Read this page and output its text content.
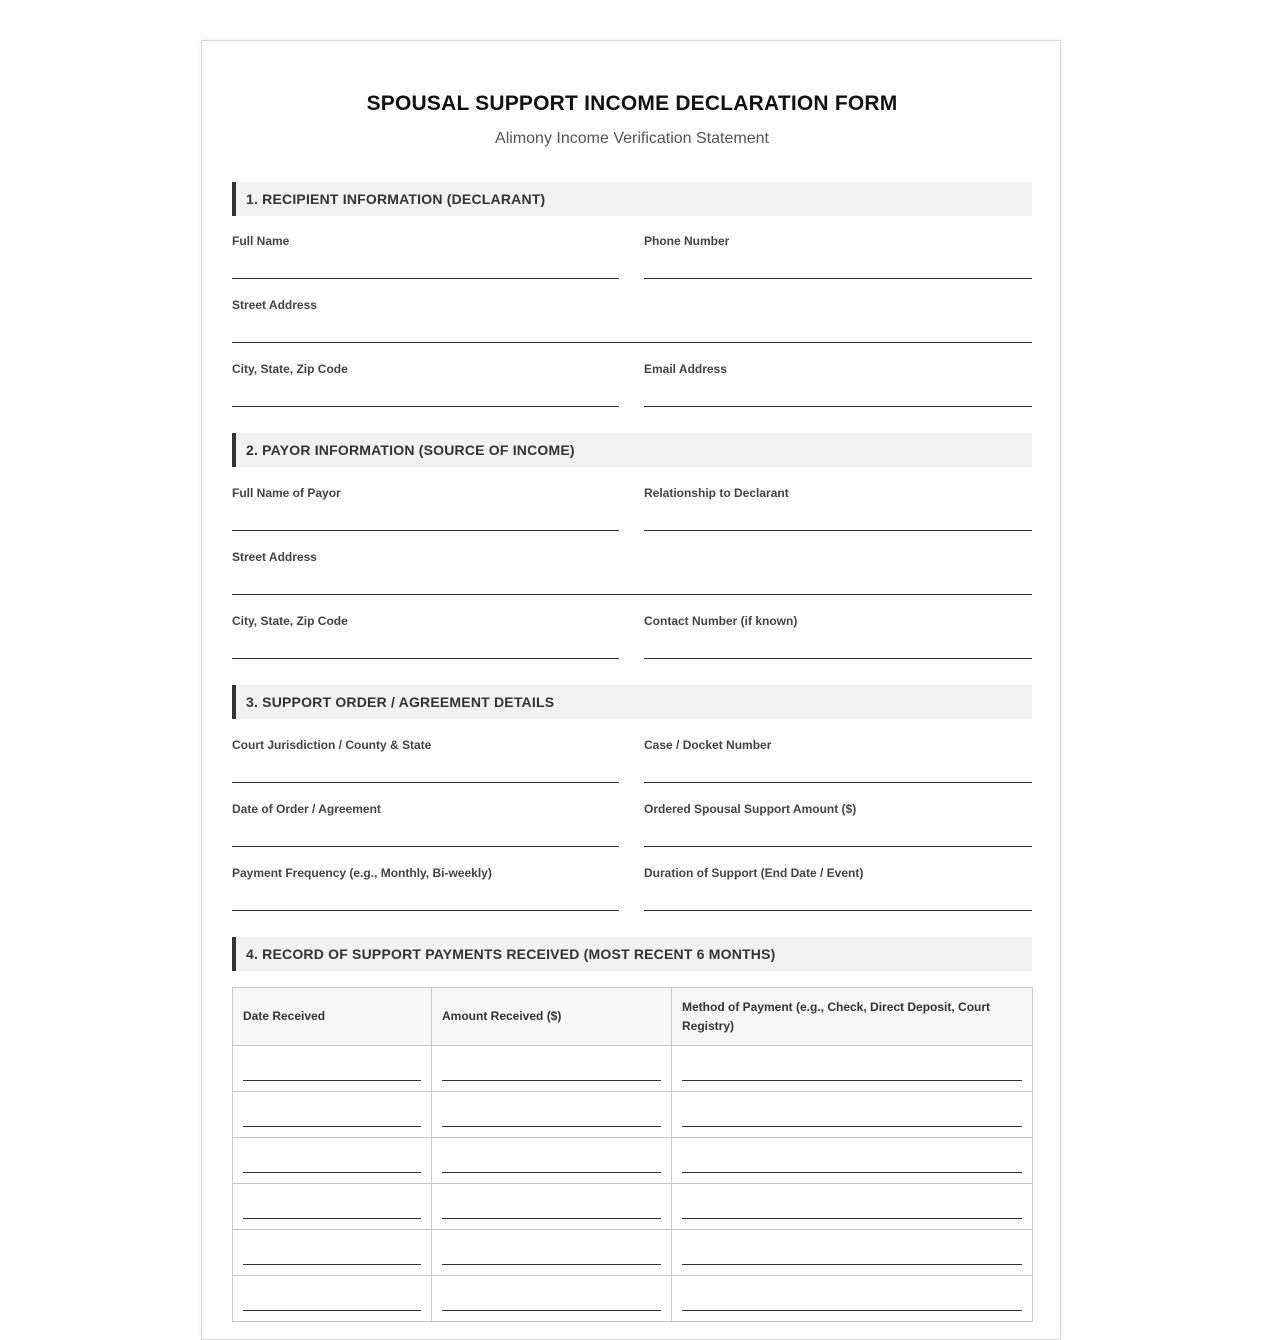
SPOUSAL SUPPORT INCOME DECLARATION FORM
Alimony Income Verification Statement
1. RECIPIENT INFORMATION (DECLARANT)
Full Name	Phone Number
Street Address
City, State, Zip Code	Email Address
2. PAYOR INFORMATION (SOURCE OF INCOME)
Full Name of Payor	Relationship to Declarant
Street Address
City, State, Zip Code	Contact Number (if known)
3. SUPPORT ORDER / AGREEMENT DETAILS
Court Jurisdiction / County & State	Case / Docket Number
Date of Order / Agreement	Ordered Spousal Support Amount ($)
Payment Frequency (e.g., Monthly, Bi-weekly)	Duration of Support (End Date / Event)
4. RECORD OF SUPPORT PAYMENTS RECEIVED (MOST RECENT 6 MONTHS)
Date Received	Amount Received ($)	Method of Payment (e.g., Check, Direct Deposit, Court Registry)
